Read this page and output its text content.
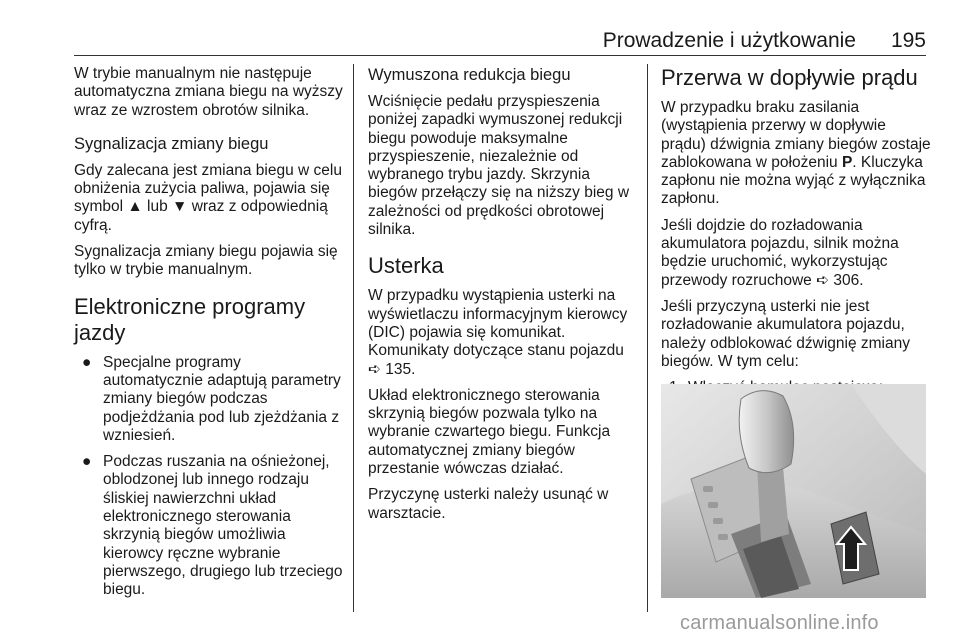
Prowadzenie i użytkowanie 195

W trybie manualnym nie następuje automatyczna zmiana biegu na wyższy wraz ze wzrostem obrotów silnika.

Sygnalizacja zmiany biegu

Gdy zalecana jest zmiana biegu w celu obniżenia zużycia paliwa, pojawia się symbol ▲ lub ▼ wraz z odpowiednią cyfrą.

Sygnalizacja zmiany biegu pojawia się tylko w trybie manualnym.

Elektroniczne programy jazdy
● Specjalne programy automatycznie adaptują parametry zmiany biegów podczas podjeżdżania pod lub zjeżdżania z wzniesień.
● Podczas ruszania na ośnieżonej, oblodzonej lub innego rodzaju śliskiej nawierzchni układ elektronicznego sterowania skrzynią biegów umożliwia kierowcy ręczne wybranie pierwszego, drugiego lub trzeciego biegu.
Wymuszona redukcja biegu

Wciśnięcie pedału przyspieszenia poniżej zapadki wymuszonej redukcji biegu powoduje maksymalne przyspieszenie, niezależnie od wybranego trybu jazdy. Skrzynia biegów przełączy się na niższy bieg w zależności od prędkości obrotowej silnika.

Usterka

W przypadku wystąpienia usterki na wyświetlaczu informacyjnym kierowcy (DIC) pojawia się komunikat. Komunikaty dotyczące stanu pojazdu ➪ 135.

Układ elektronicznego sterowania skrzynią biegów pozwala tylko na wybranie czwartego biegu. Funkcja automatycznej zmiany biegów przestanie wówczas działać.

Przyczynę usterki należy usunąć w warsztacie.

Przerwa w dopływie prądu

W przypadku braku zasilania (wystąpienia przerwy w dopływie prądu) dźwignia zmiany biegów zostaje zablokowana w położeniu P. Kluczyka zapłonu nie można wyjąć z wyłącznika zapłonu.

Jeśli dojdzie do rozładowania akumulatora pojazdu, silnik można będzie uruchomić, wykorzystując przewody rozruchowe ➪ 306.

Jeśli przyczyną usterki nie jest rozładowanie akumulatora pojazdu, należy odblokować dźwignię zmiany biegów. W tym celu:

carmanualsonline.info
